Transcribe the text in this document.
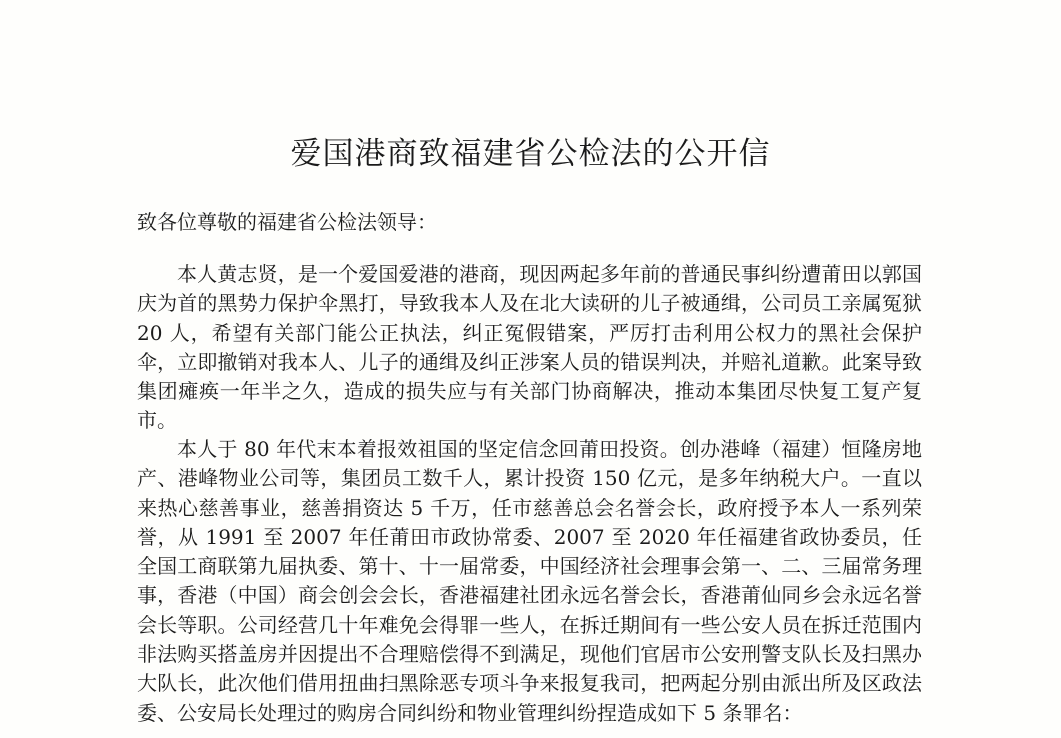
爱国港商致福建省公检法的公开信

致各位尊敬的福建省公检法领导：

本人黄志贤，是一个爱国爱港的港商，现因两起多年前的普通民事纠纷遭莆田以郭国庆为首的黑势力保护伞黑打，导致我本人及在北大读研的儿子被通缉，公司员工亲属冤狱 20 人，希望有关部门能公正执法，纠正冤假错案，严厉打击利用公权力的黑社会保护伞，立即撤销对我本人、儿子的通缉及纠正涉案人员的错误判决，并赔礼道歉。此案导致集团瘫痪一年半之久，造成的损失应与有关部门协商解决，推动本集团尽快复工复产复市。

本人于 80 年代末本着报效祖国的坚定信念回莆田投资。创办港峰（福建）恒隆房地产、港峰物业公司等，集团员工数千人，累计投资 150 亿元，是多年纳税大户。一直以来热心慈善事业，慈善捐资达 5 千万，任市慈善总会名誉会长，政府授予本人一系列荣誉，从 1991 至 2007 年任莆田市政协常委、2007 至 2020 年任福建省政协委员，任全国工商联第九届执委、第十、十一届常委，中国经济社会理事会第一、二、三届常务理事，香港（中国）商会创会会长，香港福建社团永远名誉会长，香港莆仙同乡会永远名誉会长等职。公司经营几十年难免会得罪一些人，在拆迁期间有一些公安人员在拆迁范围内非法购买搭盖房并因提出不合理赔偿得不到满足，现他们官居市公安刑警支队长及扫黑办大队长，此次他们借用扭曲扫黑除恶专项斗争来报复我司，把两起分别由派出所及区政法委、公安局长处理过的购房合同纠纷和物业管理纠纷捏造成如下 5 条罪名：
